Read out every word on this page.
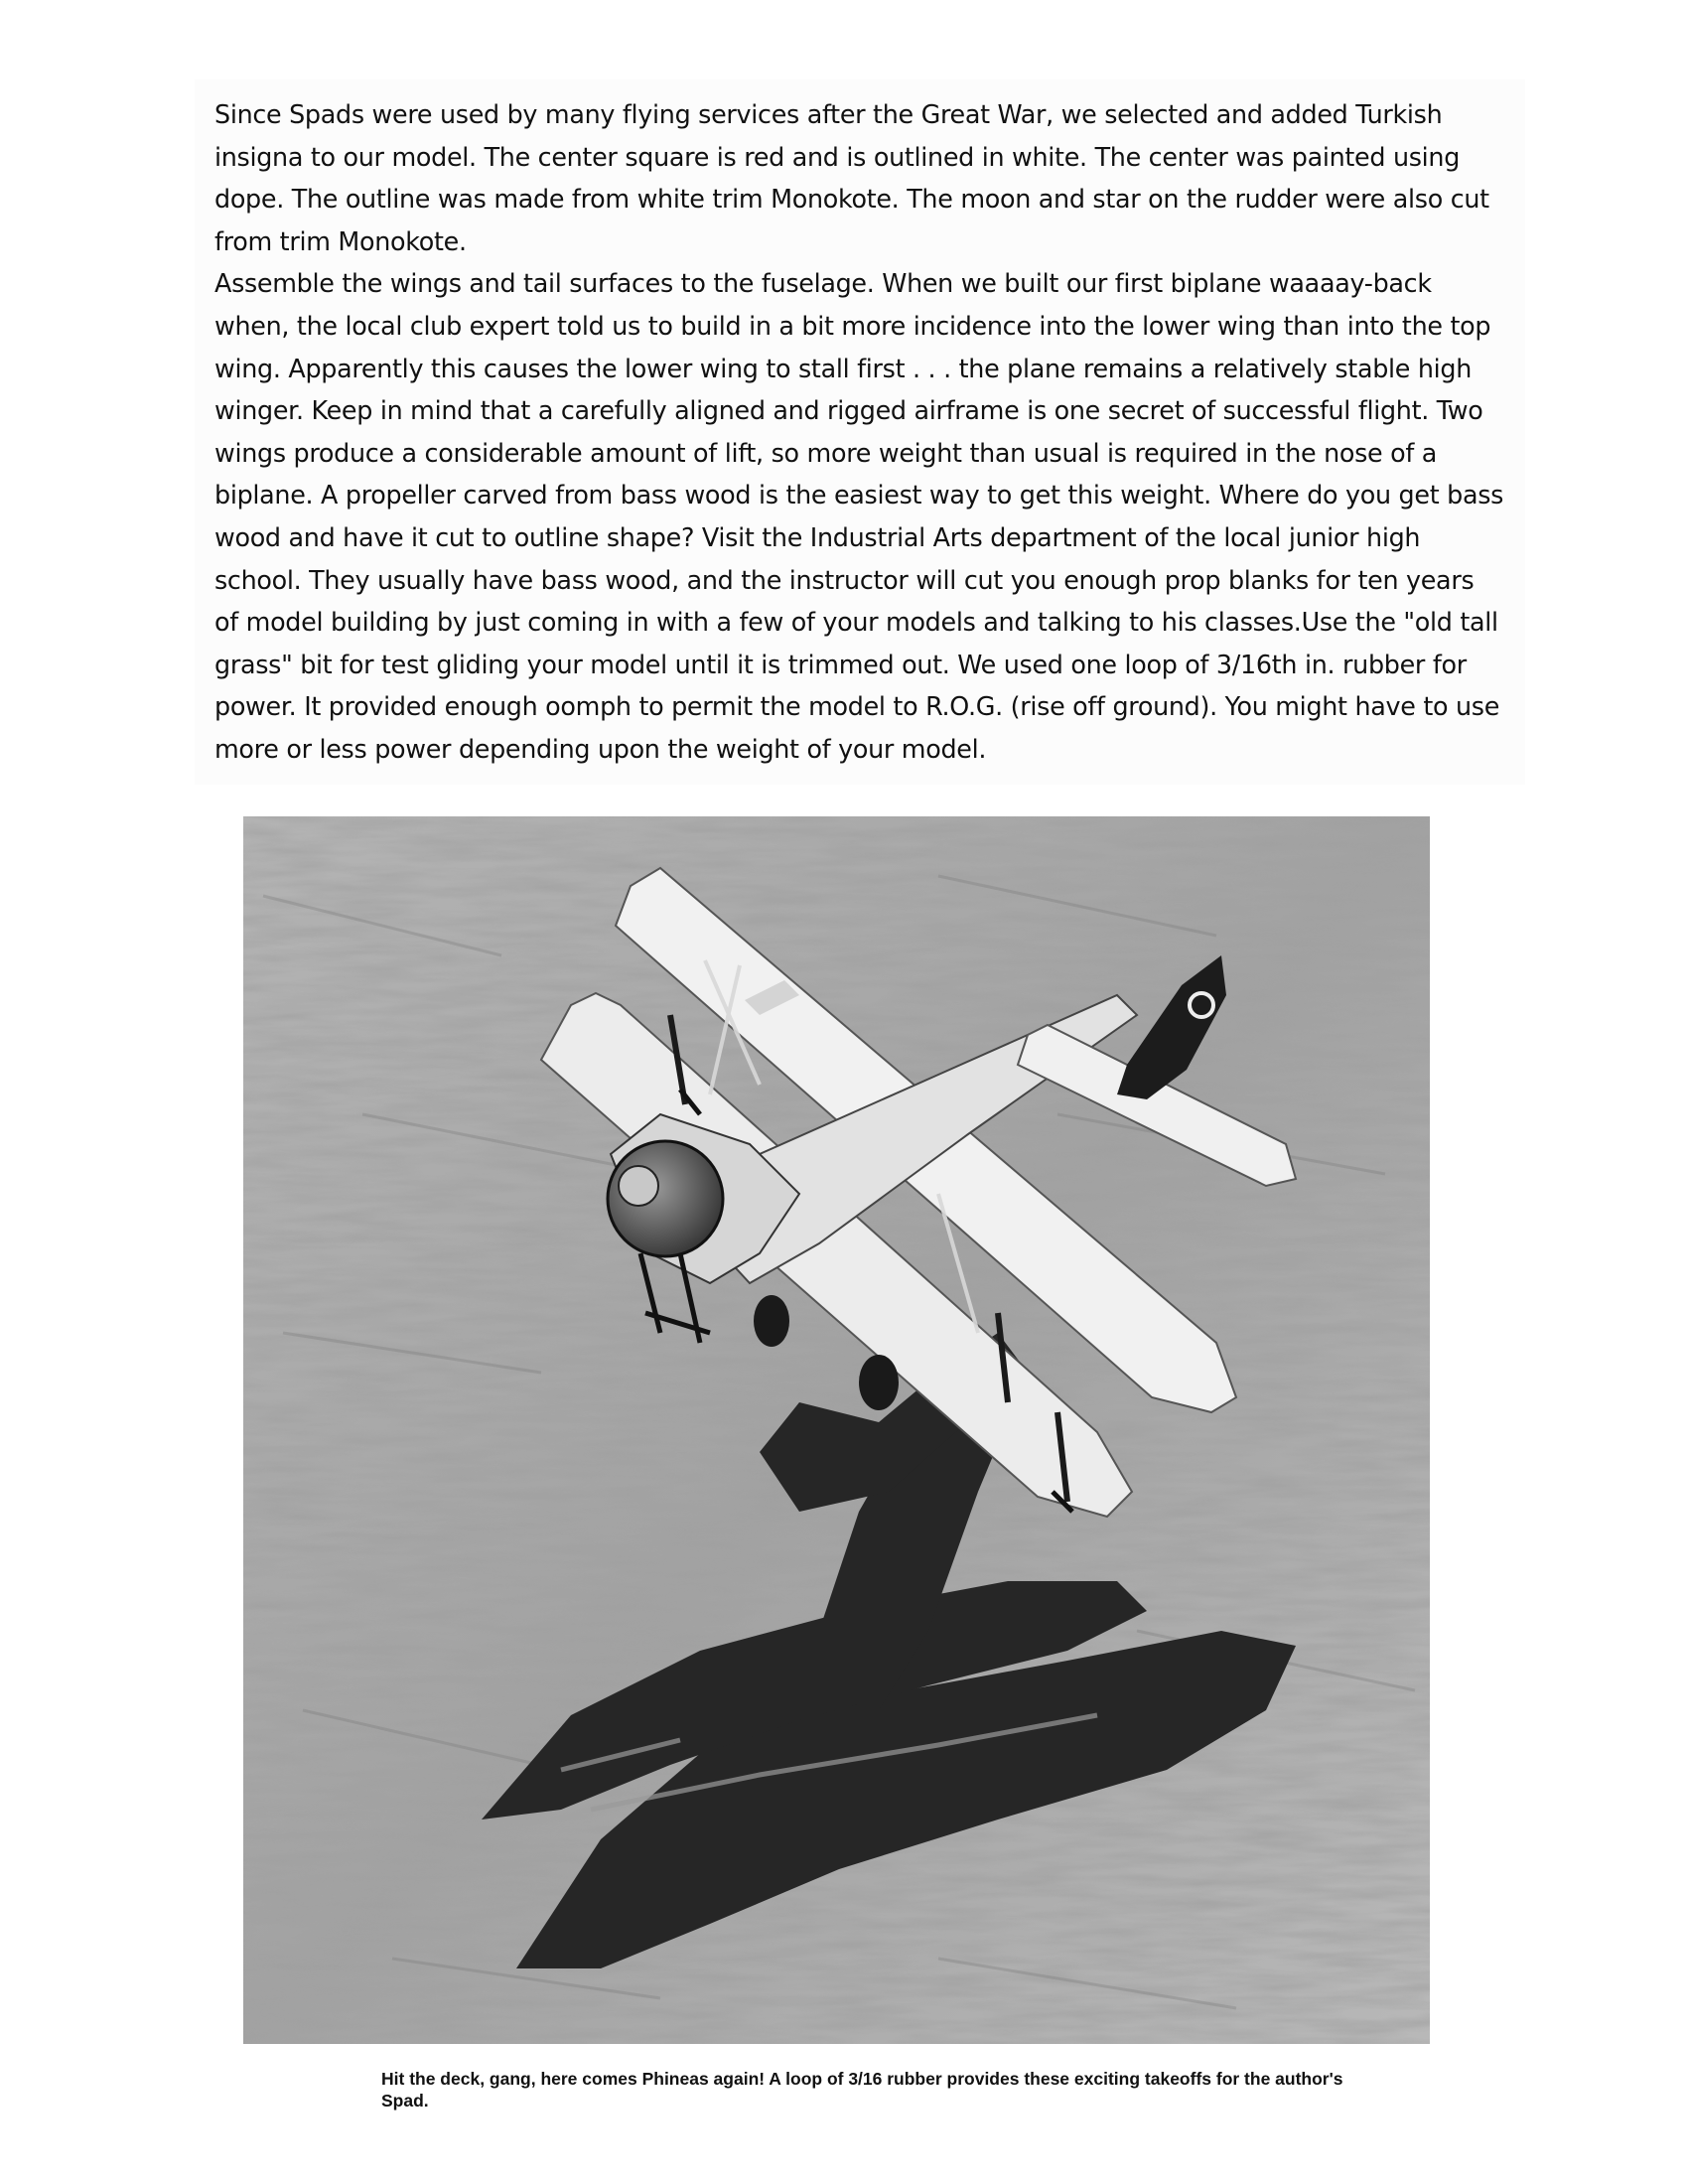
Since Spads were used by many flying services after the Great War, we selected and added Turkish insigna to our model. The center square is red and is outlined in white. The center was painted using dope. The outline was made from white trim Monokote. The moon and star on the rudder were also cut from trim Monokote.

Assemble the wings and tail surfaces to the fuselage. When we built our first biplane waaaay-back when, the local club expert told us to build in a bit more incidence into the lower wing than into the top wing. Apparently this causes the lower wing to stall first . . . the plane remains a relatively stable high winger. Keep in mind that a carefully aligned and rigged airframe is one secret of successful flight. Two wings produce a considerable amount of lift, so more weight than usual is required in the nose of a biplane. A propeller carved from bass wood is the easiest way to get this weight. Where do you get bass wood and have it cut to outline shape? Visit the Industrial Arts department of the local junior high school. They usually have bass wood, and the instructor will cut you enough prop blanks for ten years of model building by just coming in with a few of your models and talking to his classes.Use the "old tall grass" bit for test gliding your model until it is trimmed out. We used one loop of 3/16th in. rubber for power. It provided enough oomph to permit the model to R.O.G. (rise off ground). You might have to use more or less power depending upon the weight of your model.

Hit the deck, gang, here comes Phineas again! A loop of 3/16 rubber provides these exciting takeoffs for the author's Spad.
